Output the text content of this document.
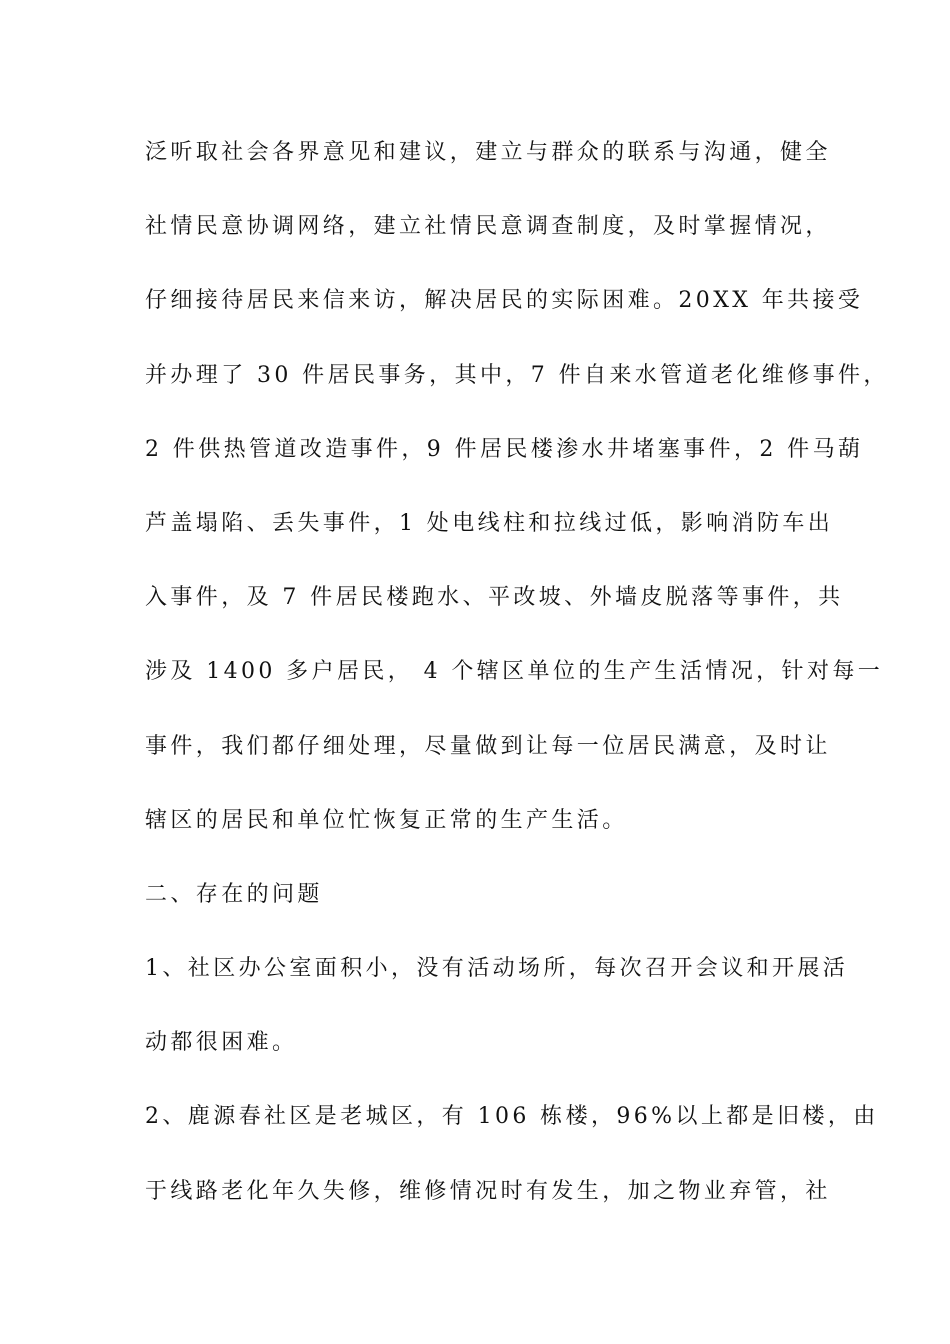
泛听取社会各界意见和建议，建立与群众的联系与沟通，健全
社情民意协调网络，建立社情民意调查制度，及时掌握情况，
仔细接待居民来信来访，解决居民的实际困难。20XX 年共接受
并办理了 30 件居民事务，其中，7 件自来水管道老化维修事件，
2 件供热管道改造事件，9 件居民楼渗水井堵塞事件，2 件马葫
芦盖塌陷、丢失事件，1 处电线柱和拉线过低，影响消防车出
入事件，及 7 件居民楼跑水、平改坡、外墙皮脱落等事件，共
涉及 1400 多户居民， 4 个辖区单位的生产生活情况，针对每一
事件，我们都仔细处理，尽量做到让每一位居民满意，及时让
辖区的居民和单位忙恢复正常的生产生活。
二、存在的问题
1、社区办公室面积小，没有活动场所，每次召开会议和开展活
动都很困难。
2、鹿源春社区是老城区，有 106 栋楼，96%以上都是旧楼，由
于线路老化年久失修，维修情况时有发生，加之物业弃管，社
